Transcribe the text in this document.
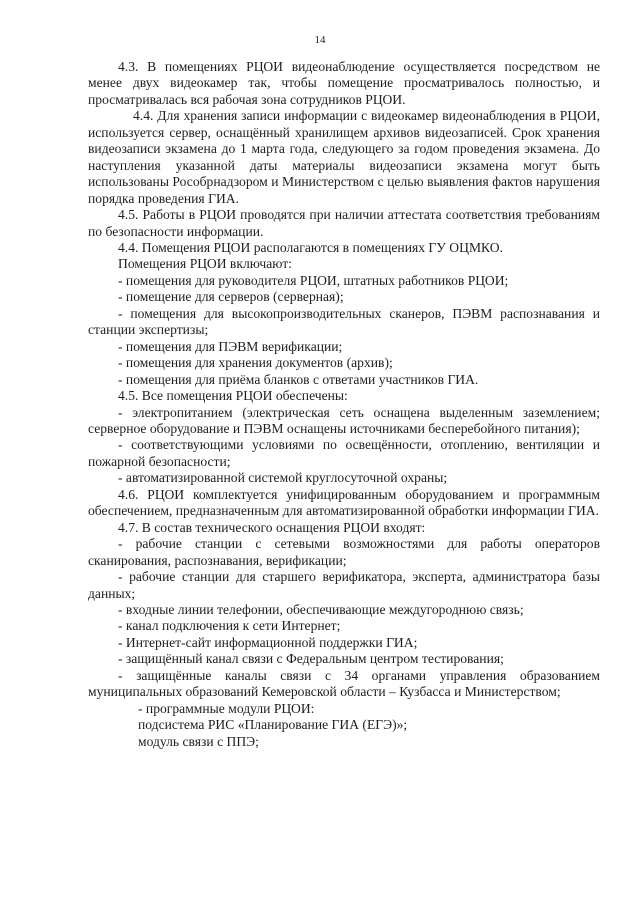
14

4.3. В помещениях РЦОИ видеонаблюдение осуществляется посредством не менее двух видеокамер так, чтобы помещение просматривалось полностью, и просматривалась вся рабочая зона сотрудников РЦОИ.

4.4. Для хранения записи информации с видеокамер видеонаблюдения в РЦОИ, используется сервер, оснащённый хранилищем архивов видеозаписей. Срок хранения видеозаписи экзамена до 1 марта года, следующего за годом проведения экзамена. До наступления указанной даты материалы видеозаписи экзамена могут быть использованы Рособрнадзором и Министерством с целью выявления фактов нарушения порядка проведения ГИА.

4.5. Работы в РЦОИ проводятся при наличии аттестата соответствия требованиям по безопасности информации.

4.4. Помещения РЦОИ располагаются в помещениях ГУ ОЦМКО.

Помещения РЦОИ включают:

- помещения для руководителя РЦОИ, штатных работников РЦОИ;

- помещение для серверов (серверная);

- помещения для высокопроизводительных сканеров, ПЭВМ распознавания и станции экспертизы;

- помещения для ПЭВМ верификации;

- помещения для хранения документов (архив);

- помещения для приёма бланков с ответами участников ГИА.

4.5. Все помещения РЦОИ обеспечены:

- электропитанием (электрическая сеть оснащена выделенным заземлением; серверное оборудование и ПЭВМ оснащены источниками бесперебойного питания);

- соответствующими условиями по освещённости, отоплению, вентиляции и пожарной безопасности;

- автоматизированной системой круглосуточной охраны;

4.6. РЦОИ комплектуется унифицированным оборудованием и программным обеспечением, предназначенным для автоматизированной обработки информации ГИА.

4.7. В состав технического оснащения РЦОИ входят:

- рабочие станции с сетевыми возможностями для работы операторов сканирования, распознавания, верификации;

- рабочие станции для старшего верификатора, эксперта, администратора базы данных;

- входные линии телефонии, обеспечивающие междугороднюю связь;

- канал подключения к сети Интернет;

- Интернет-сайт информационной поддержки ГИА;

- защищённый канал связи с Федеральным центром тестирования;

- защищённые каналы связи с 34 органами управления образованием муниципальных образований Кемеровской области – Кузбасса и Министерством;

- программные модули РЦОИ:

подсистема РИС «Планирование ГИА (ЕГЭ)»;

модуль связи с ППЭ;
